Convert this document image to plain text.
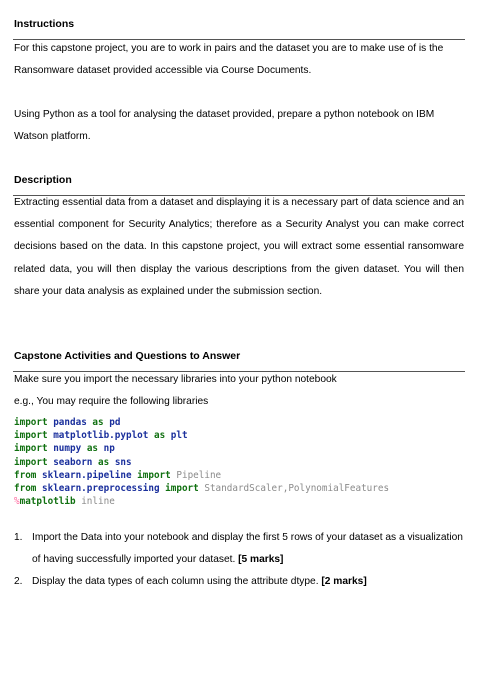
Instructions
For this capstone project, you are to work in pairs and the dataset you are to make use of is the Ransomware dataset provided accessible via Course Documents.
Using Python as a tool for analysing the dataset provided, prepare a python notebook on IBM Watson platform.
Description
Extracting essential data from a dataset and displaying it is a necessary part of data science and an essential component for Security Analytics; therefore as a Security Analyst you can make correct decisions based on the data. In this capstone project, you will extract some essential ransomware related data, you will then display the various descriptions from the given dataset. You will then share your data analysis as explained under the submission section.
Capstone Activities and Questions to Answer
Make sure you import the necessary libraries into your python notebook
e.g., You may require the following libraries
import pandas as pd
import matplotlib.pyplot as plt
import numpy as np
import seaborn as sns
from sklearn.pipeline import Pipeline
from sklearn.preprocessing import StandardScaler,PolynomialFeatures
%matplotlib inline
1. Import the Data into your notebook and display the first 5 rows of your dataset as a visualization of having successfully imported your dataset. [5 marks]
2. Display the data types of each column using the attribute dtype. [2 marks]
